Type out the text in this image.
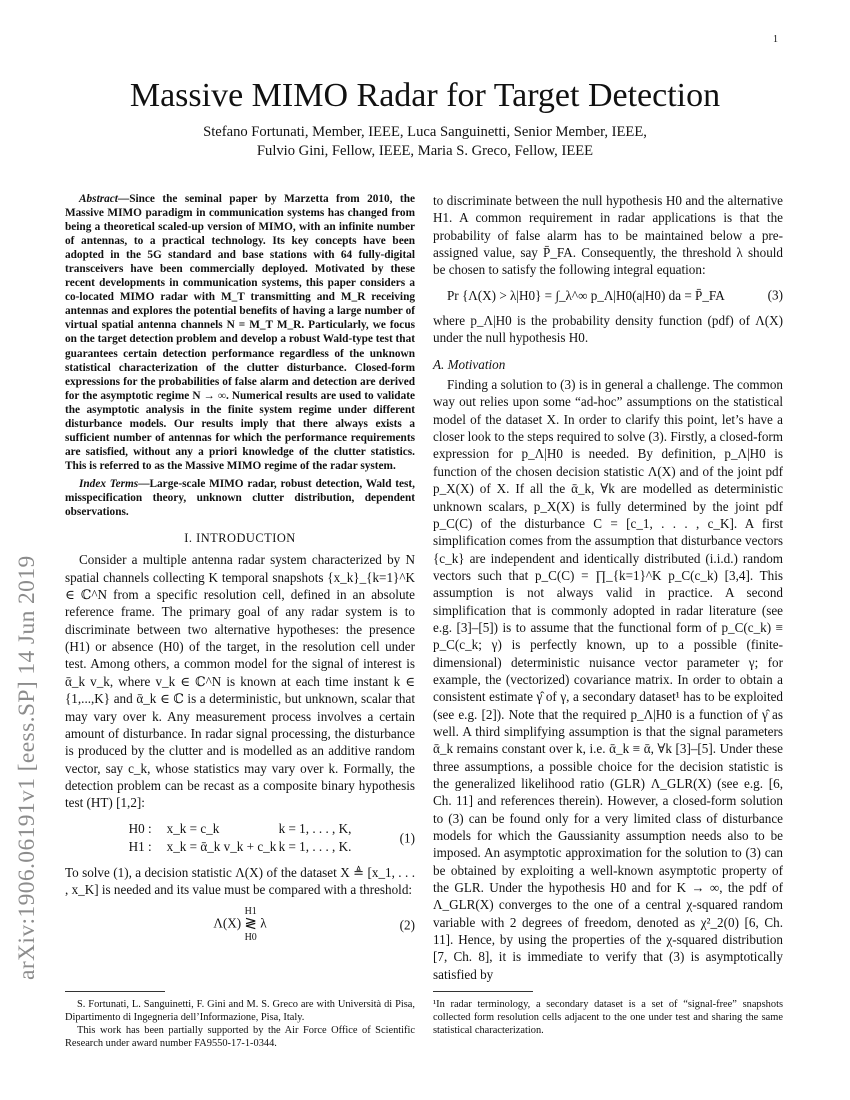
1
arXiv:1906.06191v1 [eess.SP] 14 Jun 2019
Massive MIMO Radar for Target Detection
Stefano Fortunati, Member, IEEE, Luca Sanguinetti, Senior Member, IEEE,
Fulvio Gini, Fellow, IEEE, Maria S. Greco, Fellow, IEEE

Abstract—Since the seminal paper by Marzetta from 2010, the Massive MIMO paradigm in communication systems has changed from being a theoretical scaled-up version of MIMO, with an infinite number of antennas, to a practical technology. Its key concepts have been adopted in the 5G standard and base stations with 64 fully-digital transceivers have been commercially deployed. Motivated by these recent developments in communication systems, this paper considers a co-located MIMO radar with M_T transmitting and M_R receiving antennas and explores the potential benefits of having a large number of virtual spatial antenna channels N = M_T M_R. Particularly, we focus on the target detection problem and develop a robust Wald-type test that guarantees certain detection performance regardless of the unknown statistical characterization of the clutter disturbance. Closed-form expressions for the probabilities of false alarm and detection are derived for the asymptotic regime N → ∞. Numerical results are used to validate the asymptotic analysis in the finite system regime under different disturbance models. Our results imply that there always exists a sufficient number of antennas for which the performance requirements are satisfied, without any a priori knowledge of the clutter statistics. This is referred to as the Massive MIMO regime of the radar system.

Index Terms—Large-scale MIMO radar, robust detection, Wald test, misspecification theory, unknown clutter distribution, dependent observations.

I. INTRODUCTION

Consider a multiple antenna radar system characterized by N spatial channels collecting K temporal snapshots {x_k}_{k=1}^K ∈ ℂ^N from a specific resolution cell, defined in an absolute reference frame. The primary goal of any radar system is to discriminate between two alternative hypotheses: the presence (H1) or absence (H0) of the target, in the resolution cell under test. Among others, a common model for the signal of interest is ᾱ_k v_k, where v_k ∈ ℂ^N is known at each time instant k ∈ {1,...,K} and ᾱ_k ∈ ℂ is a deterministic, but unknown, scalar that may vary over k. Any measurement process involves a certain amount of disturbance. In radar signal processing, the disturbance is produced by the clutter and is modelled as an additive random vector, say c_k, whose statistics may vary over k. Formally, the detection problem can be recast as a composite binary hypothesis test (HT) [1,2]:

H0 : x_k = c_k	k = 1, . . . , K,
H1 : x_k = ᾱ_k v_k + c_k k = 1, . . . , K.
(1)

To solve (1), a decision statistic Λ(X) of the dataset X ≜ [x_1, . . . , x_K] is needed and its value must be compared with a threshold:

Λ(X)
H1
≷
H0
λ	(2)

to discriminate between the null hypothesis H0 and the alternative H1. A common requirement in radar applications is that the probability of false alarm has to be maintained below a pre-assigned value, say P̄_FA. Consequently, the threshold λ should be chosen to satisfy the following integral equation:

Pr {Λ(X) > λ|H0} = ∫_λ^∞ p_Λ|H0(a|H0) da = P̄_FA	(3)

where p_Λ|H0 is the probability density function (pdf) of Λ(X) under the null hypothesis H0.

A. Motivation

Finding a solution to (3) is in general a challenge. The common way out relies upon some “ad-hoc” assumptions on the statistical model of the dataset X. In order to clarify this point, let’s have a closer look to the steps required to solve (3). Firstly, a closed-form expression for p_Λ|H0 is needed. By definition, p_Λ|H0 is function of the chosen decision statistic Λ(X) and of the joint pdf p_X(X) of X. If all the ᾱ_k, ∀k are modelled as deterministic unknown scalars, p_X(X) is fully determined by the joint pdf p_C(C) of the disturbance C = [c_1, . . . , c_K]. A first simplification comes from the assumption that disturbance vectors {c_k} are independent and identically distributed (i.i.d.) random vectors such that p_C(C) = ∏_{k=1}^K p_C(c_k) [3,4]. This assumption is not always valid in practice. A second simplification that is commonly adopted in radar literature (see e.g. [3]–[5]) is to assume that the functional form of p_C(c_k) ≡ p_C(c_k; γ) is perfectly known, up to a possible (finite-dimensional) deterministic nuisance vector parameter γ; for example, the (vectorized) covariance matrix. In order to obtain a consistent estimate γ̂ of γ, a secondary dataset¹ has to be exploited (see e.g. [2]). Note that the required p_Λ|H0 is a function of γ̂ as well. A third simplifying assumption is that the signal parameters ᾱ_k remains constant over k, i.e. ᾱ_k ≡ ᾱ, ∀k [3]–[5]. Under these three assumptions, a possible choice for the decision statistic is the generalized likelihood ratio (GLR) Λ_GLR(X) (see e.g. [6, Ch. 11] and references therein). However, a closed-form solution to (3) can be found only for a very limited class of disturbance models for which the Gaussianity assumption needs also to be imposed. An asymptotic approximation for the solution to (3) can be obtained by exploiting a well-known asymptotic property of the GLR. Under the hypothesis H0 and for K → ∞, the pdf of Λ_GLR(X) converges to the one of a central χ-squared random variable with 2 degrees of freedom, denoted as χ²_2(0) [6, Ch. 11]. Hence, by using the properties of the χ-squared distribution [7, Ch. 8], it is immediate to verify that (3) is asymptotically satisfied by

S. Fortunati, L. Sanguinetti, F. Gini and M. S. Greco are with Università di Pisa, Dipartimento di Ingegneria dell’Informazione, Pisa, Italy.

This work has been partially supported by the Air Force Office of Scientific Research under award number FA9550-17-1-0344.

¹In radar terminology, a secondary dataset is a set of “signal-free” snapshots collected form resolution cells adjacent to the one under test and sharing the same statistical characterization.
